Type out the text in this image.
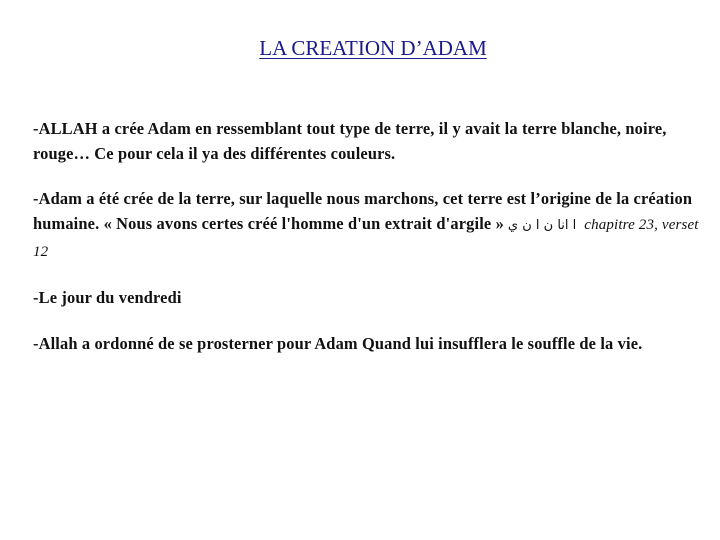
LA CREATION D’ADAM
-ALLAH a crée Adam en ressemblant tout type de terre, il y avait la terre blanche, noire, rouge… Ce pour cela il ya des différentes couleurs.
-Adam a été crée de la terre, sur laquelle nous marchons, cet terre est l’origine de la création humaine. « Nous avons certes créé l'homme d'un extrait d'argile » ا انا ن ا ن ي chapitre 23, verset 12
-Le jour du vendredi
-Allah a ordonné de se prosterner pour Adam Quand lui insufflera le souffle de la vie.
